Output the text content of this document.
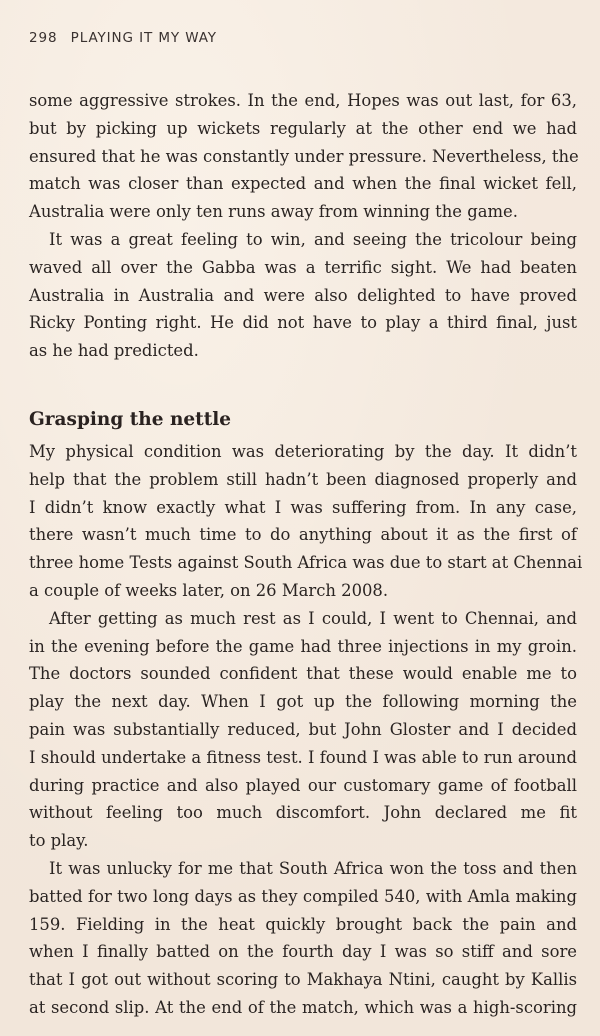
298 PLAYING IT MY WAY
some aggressive strokes. In the end, Hopes was out last, for 63,
but by picking up wickets regularly at the other end we had
ensured that he was constantly under pressure. Nevertheless, the
match was closer than expected and when the final wicket fell,
Australia were only ten runs away from winning the game.
It was a great feeling to win, and seeing the tricolour being
waved all over the Gabba was a terrific sight. We had beaten
Australia in Australia and were also delighted to have proved
Ricky Ponting right. He did not have to play a third final, just
as he had predicted.
Grasping the nettle
My physical condition was deteriorating by the day. It didn’t
help that the problem still hadn’t been diagnosed properly and
I didn’t know exactly what I was suffering from. In any case,
there wasn’t much time to do anything about it as the first of
three home Tests against South Africa was due to start at Chennai
a couple of weeks later, on 26 March 2008.
After getting as much rest as I could, I went to Chennai, and
in the evening before the game had three injections in my groin.
The doctors sounded confident that these would enable me to
play the next day. When I got up the following morning the
pain was substantially reduced, but John Gloster and I decided
I should undertake a fitness test. I found I was able to run around
during practice and also played our customary game of football
without feeling too much discomfort. John declared me fit
to play.
It was unlucky for me that South Africa won the toss and then
batted for two long days as they compiled 540, with Amla making
159. Fielding in the heat quickly brought back the pain and
when I finally batted on the fourth day I was so stiff and sore
that I got out without scoring to Makhaya Ntini, caught by Kallis
at second slip. At the end of the match, which was a high-scoring
